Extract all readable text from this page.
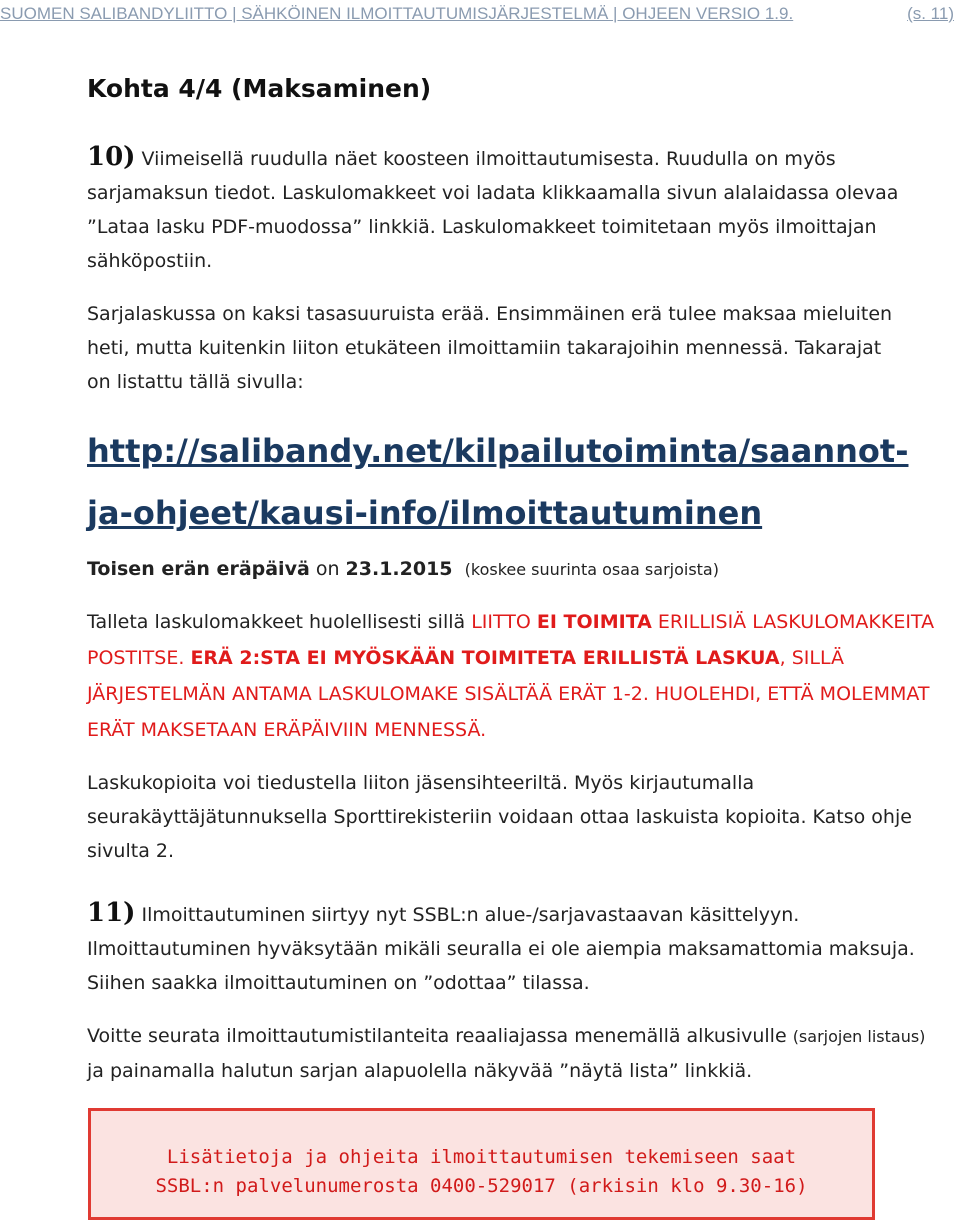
SUOMEN SALIBANDYLIITTO | SÄHKÖINEN ILMOITTAUTUMISJÄRJESTELMÄ | OHJEEN VERSIO 1.9.	(s. 11)
Kohta 4/4 (Maksaminen)
10) Viimeisellä ruudulla näet koosteen ilmoittautumisesta. Ruudulla on myös
sarjamaksun tiedot. Laskulomakkeet voi ladata klikkaamalla sivun alalaidassa olevaa
”Lataa lasku PDF-muodossa” linkkiä. Laskulomakkeet toimitetaan myös ilmoittajan
sähköpostiin.
Sarjalaskussa on kaksi tasasuuruista erää. Ensimmäinen erä tulee maksaa mieluiten
heti, mutta kuitenkin liiton etukäteen ilmoittamiin takarajoihin mennessä. Takarajat
on listattu tällä sivulla:
http://salibandy.net/kilpailutoiminta/saannot-ja-ohjeet/kausi-info/ilmoittautuminen
Toisen erän eräpäivä on 23.1.2015 (koskee suurinta osaa sarjoista)
Talleta laskulomakkeet huolellisesti sillä LIITTO EI TOIMITA ERILLISIÄ LASKULOMAKKEITA POSTITSE. ERÄ 2:STA EI MYÖSKÄÄN TOIMITETA ERILLISTÄ LASKUA, SILLÄ JÄRJESTELMÄN ANTAMA LASKULOMAKE SISÄLTÄÄ ERÄT 1-2. HUOLEHDI, ETTÄ MOLEMMAT ERÄT MAKSETAAN ERÄPÄIVIIN MENNESSÄ.
Laskukopioita voi tiedustella liiton jäsensihteeriltä. Myös kirjautumalla seurakäyttäjätunnuksella Sporttirekisteriin voidaan ottaa laskuista kopioita. Katso ohje sivulta 2.
11) Ilmoittautuminen siirtyy nyt SSBL:n alue-/sarjavastaavan käsittelyyn. Ilmoittautuminen hyväksytään mikäli seuralla ei ole aiempia maksamattomia maksuja. Siihen saakka ilmoittautuminen on ”odottaa” tilassa.
Voitte seurata ilmoittautumistilanteita reaaliajassa menemällä alkusivulle (sarjojen listaus) ja painamalla halutun sarjan alapuolella näkyvää ”näytä lista” linkkiä.
Lisätietoja ja ohjeita ilmoittautumisen tekemiseen saat
SSBL:n palvelunumerosta 0400-529017 (arkisin klo 9.30-16)
